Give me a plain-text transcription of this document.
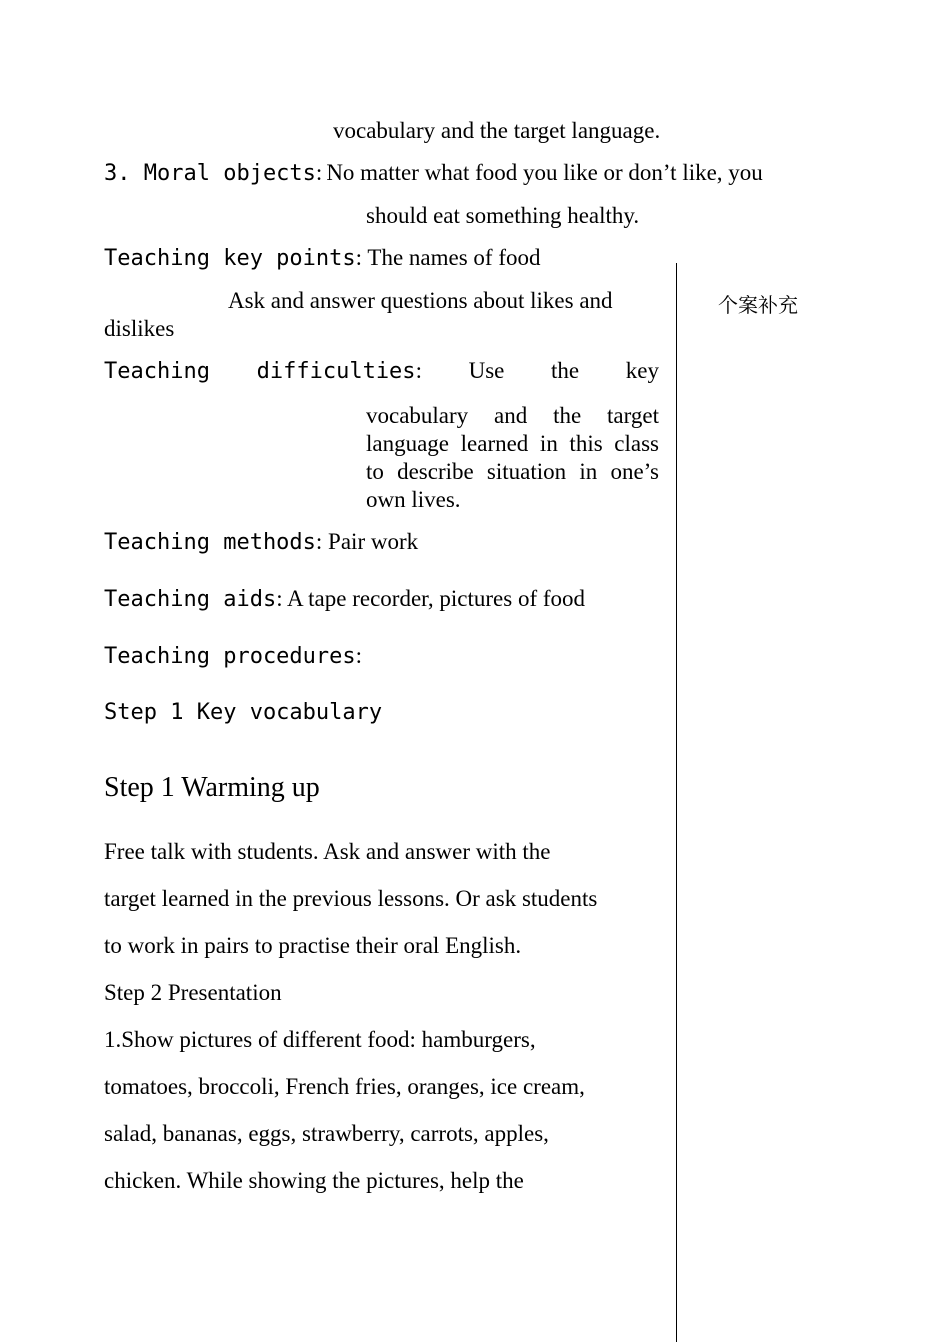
个案补充
vocabulary and the target language.
3. Moral objects: No matter what food you like or don’t like, you
should eat something healthy.
Teaching key points: The names of food
Ask and answer questions about likes and
dislikes
Teaching difficulties: Use the key
vocabulary and the target language learned in this class to describe situation in one’s own lives.
Teaching methods: Pair work
Teaching aids: A tape recorder, pictures of food
Teaching procedures:
Step 1 Key vocabulary
Step 1 Warming up
Free talk with students. Ask and answer with the
target learned in the previous lessons. Or ask students
to work in pairs to practise their oral English.
Step 2 Presentation
1.Show pictures of different food: hamburgers,
tomatoes, broccoli, French fries, oranges, ice cream,
salad, bananas, eggs, strawberry, carrots, apples,
chicken. While showing the pictures, help the
